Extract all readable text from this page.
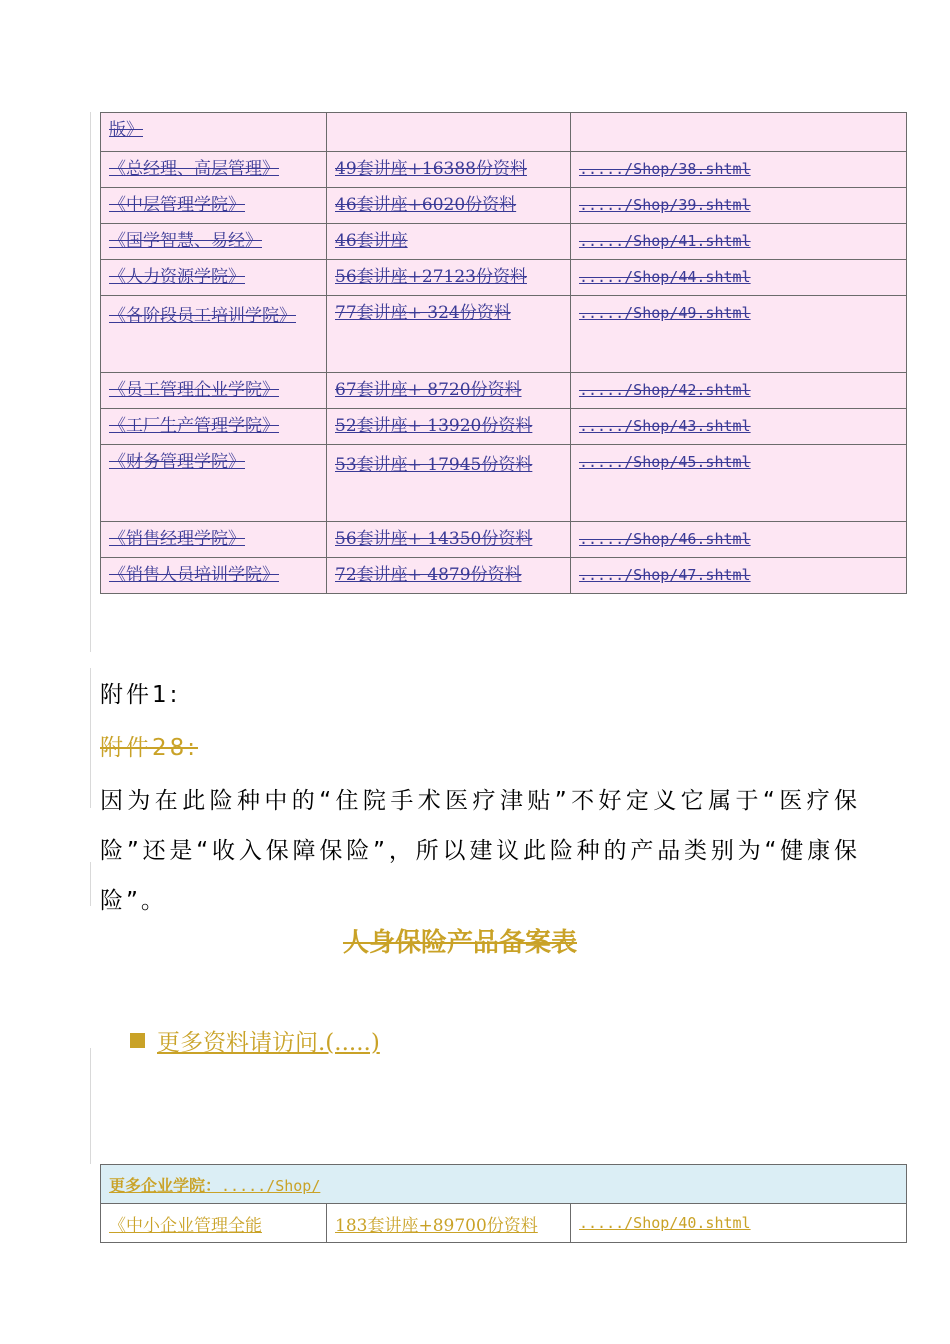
版》		
《总经理、高层管理》	49套讲座+16388份资料	...../Shop/38.shtml
《中层管理学院》	46套讲座+6020份资料	...../Shop/39.shtml
《国学智慧、易经》	46套讲座	...../Shop/41.shtml
《人力资源学院》	56套讲座+27123份资料	...../Shop/44.shtml
《各阶段员工培训学院》	77套讲座+ 324份资料	...../Shop/49.shtml
《员工管理企业学院》	67套讲座+ 8720份资料	...../Shop/42.shtml
《工厂生产管理学院》	52套讲座+ 13920份资料	...../Shop/43.shtml
《财务管理学院》	53套讲座+ 17945份资料	...../Shop/45.shtml
《销售经理学院》	56套讲座+ 14350份资料	...../Shop/46.shtml
《销售人员培训学院》	72套讲座+ 4879份资料	...../Shop/47.shtml
附件1:
附件28:
因为在此险种中的“住院手术医疗津贴”不好定义它属于“医疗保险”还是“收入保障保险”，所以建议此险种的产品类别为“健康保险”。
人身保险产品备案表
更多资料请访问.(.....)
更多企业学院：...../Shop/
《中小企业管理全能	183套讲座+89700份资料	...../Shop/40.shtml
